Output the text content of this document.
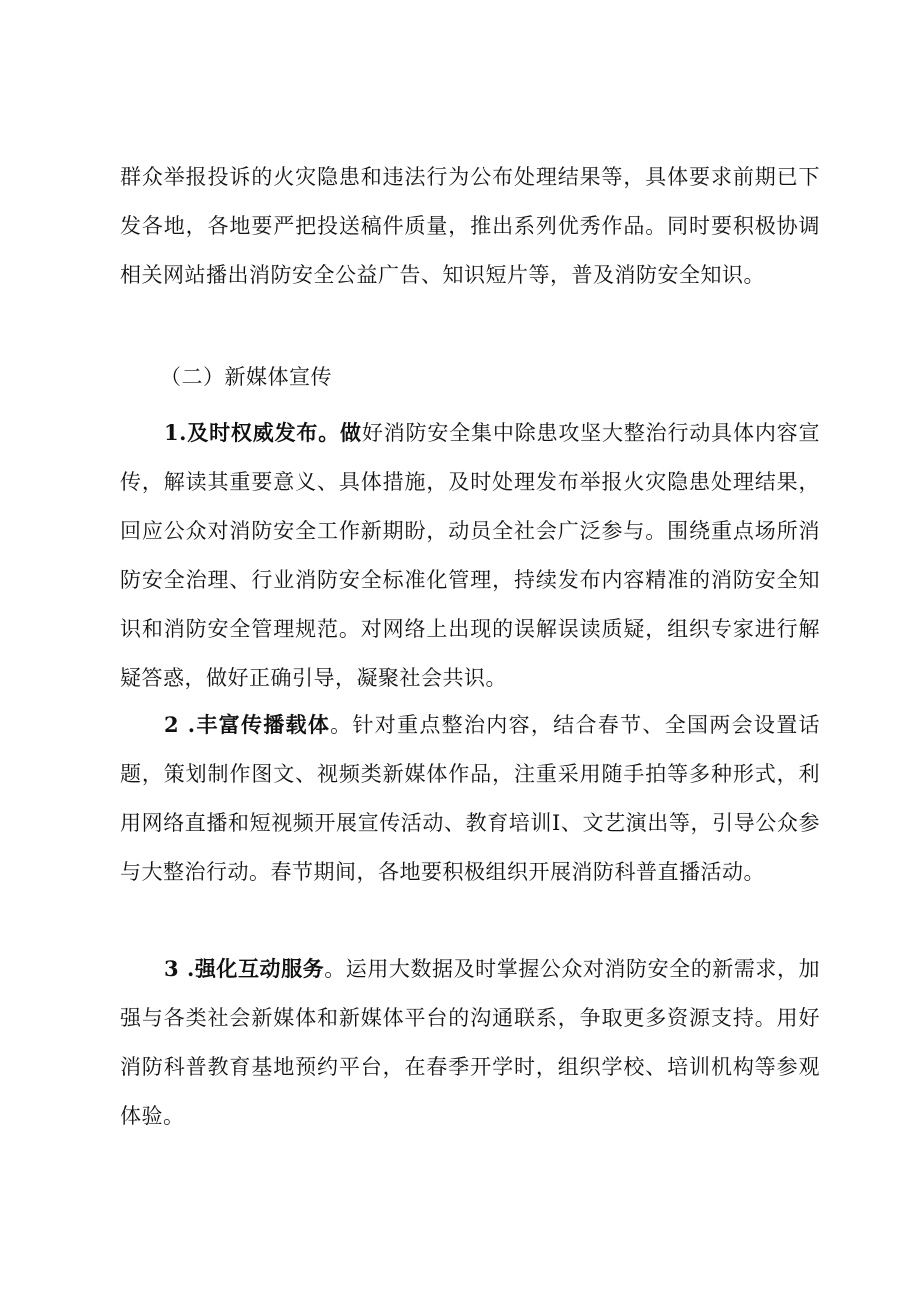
群众举报投诉的火灾隐患和违法行为公布处理结果等，具体要求前期已下发各地，各地要严把投送稿件质量，推出系列优秀作品。同时要积极协调相关网站播出消防安全公益广告、知识短片等，普及消防安全知识。

（二）新媒体宣传

1.及时权威发布。做好消防安全集中除患攻坚大整治行动具体内容宣传，解读其重要意义、具体措施，及时处理发布举报火灾隐患处理结果，回应公众对消防安全工作新期盼，动员全社会广泛参与。围绕重点场所消防安全治理、行业消防安全标准化管理，持续发布内容精准的消防安全知识和消防安全管理规范。对网络上出现的误解误读质疑，组织专家进行解疑答惑，做好正确引导，凝聚社会共识。

2 .丰富传播载体。针对重点整治内容，结合春节、全国两会设置话题，策划制作图文、视频类新媒体作品，注重采用随手拍等多种形式，利用网络直播和短视频开展宣传活动、教育培训I、文艺演出等，引导公众参与大整治行动。春节期间，各地要积极组织开展消防科普直播活动。

3 .强化互动服务。运用大数据及时掌握公众对消防安全的新需求，加强与各类社会新媒体和新媒体平台的沟通联系，争取更多资源支持。用好消防科普教育基地预约平台，在春季开学时，组织学校、培训机构等参观体验。
